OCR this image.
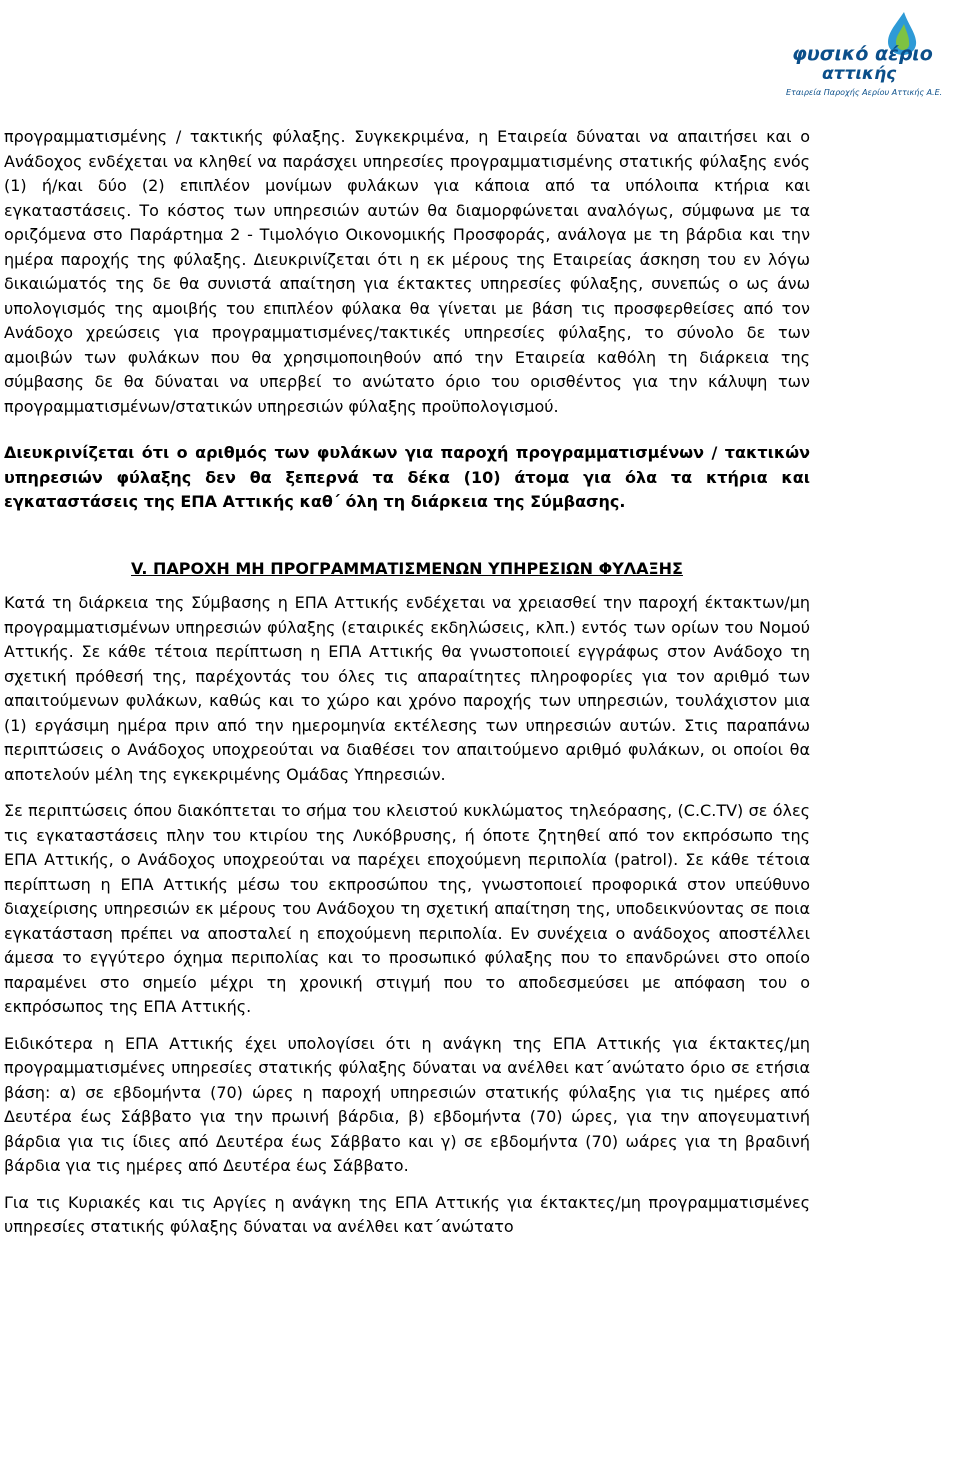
φυσικό αέριο
αττικής
Εταιρεία Παροχής Αερίου Αττικής Α.Ε.

προγραμματισμένης / τακτικής φύλαξης. Συγκεκριμένα, η Εταιρεία δύναται να απαιτήσει και ο Ανάδοχος ενδέχεται να κληθεί να παράσχει υπηρεσίες προγραμματισμένης στατικής φύλαξης ενός (1) ή/και δύο (2) επιπλέον μονίμων φυλάκων για κάποια από τα υπόλοιπα κτήρια και εγκαταστάσεις. Το κόστος των υπηρεσιών αυτών θα διαμορφώνεται αναλόγως, σύμφωνα με τα οριζόμενα στο Παράρτημα 2 - Τιμολόγιο Οικονομικής Προσφοράς, ανάλογα με τη βάρδια και την ημέρα παροχής της φύλαξης. Διευκρινίζεται ότι η εκ μέρους της Εταιρείας άσκηση του εν λόγω δικαιώματός της δε θα συνιστά απαίτηση για έκτακτες υπηρεσίες φύλαξης, συνεπώς ο ως άνω υπολογισμός της αμοιβής του επιπλέον φύλακα θα γίνεται με βάση τις προσφερθείσες από τον Ανάδοχο χρεώσεις για προγραμματισμένες/τακτικές υπηρεσίες φύλαξης, το σύνολο δε των αμοιβών των φυλάκων που θα χρησιμοποιηθούν από την Εταιρεία καθόλη τη διάρκεια της σύμβασης δε θα δύναται να υπερβεί το ανώτατο όριο του ορισθέντος για την κάλυψη των προγραμματισμένων/στατικών υπηρεσιών φύλαξης προϋπολογισμού.

Διευκρινίζεται ότι ο αριθμός των φυλάκων για παροχή προγραμματισμένων / τακτικών υπηρεσιών φύλαξης δεν θα ξεπερνά τα δέκα (10) άτομα για όλα τα κτήρια και εγκαταστάσεις της ΕΠΑ Αττικής καθ΄ όλη τη διάρκεια της Σύμβασης.

V. ΠΑΡΟΧΗ ΜΗ ΠΡΟΓΡΑΜΜΑΤΙΣΜΕΝΩΝ ΥΠΗΡΕΣΙΩΝ ΦΥΛΑΞΗΣ

Κατά τη διάρκεια της Σύμβασης η ΕΠΑ Αττικής ενδέχεται να χρειασθεί την παροχή έκτακτων/μη προγραμματισμένων υπηρεσιών φύλαξης (εταιρικές εκδηλώσεις, κλπ.) εντός των ορίων του Νομού Αττικής. Σε κάθε τέτοια περίπτωση η ΕΠΑ Αττικής θα γνωστοποιεί εγγράφως στον Ανάδοχο τη σχετική πρόθεσή της, παρέχοντάς του όλες τις απαραίτητες πληροφορίες για τον αριθμό των απαιτούμενων φυλάκων, καθώς και το χώρο και χρόνο παροχής των υπηρεσιών, τουλάχιστον μια (1) εργάσιμη ημέρα πριν από την ημερομηνία εκτέλεσης των υπηρεσιών αυτών. Στις παραπάνω περιπτώσεις ο Ανάδοχος υποχρεούται να διαθέσει τον απαιτούμενο αριθμό φυλάκων, οι οποίοι θα αποτελούν μέλη της εγκεκριμένης Ομάδας Υπηρεσιών.

Σε περιπτώσεις όπου διακόπτεται το σήμα του κλειστού κυκλώματος τηλεόρασης, (C.C.TV) σε όλες τις εγκαταστάσεις πλην του κτιρίου της Λυκόβρυσης, ή όποτε ζητηθεί από τον εκπρόσωπο της ΕΠΑ Αττικής, ο Ανάδοχος υποχρεούται να παρέχει εποχούμενη περιπολία (patrol). Σε κάθε τέτοια περίπτωση η ΕΠΑ Αττικής μέσω του εκπροσώπου της, γνωστοποιεί προφορικά στον υπεύθυνο διαχείρισης υπηρεσιών εκ μέρους του Ανάδοχου τη σχετική απαίτηση της, υποδεικνύοντας σε ποια εγκατάσταση πρέπει να αποσταλεί η εποχούμενη περιπολία. Εν συνέχεια ο ανάδοχος αποστέλλει άμεσα το εγγύτερο όχημα περιπολίας και το προσωπικό φύλαξης που το επανδρώνει στο οποίο παραμένει στο σημείο μέχρι τη χρονική στιγμή που το αποδεσμεύσει με απόφαση του ο εκπρόσωπος της ΕΠΑ Αττικής.

Ειδικότερα η ΕΠΑ Αττικής έχει υπολογίσει ότι η ανάγκη της ΕΠΑ Αττικής για έκτακτες/μη προγραμματισμένες υπηρεσίες στατικής φύλαξης δύναται να ανέλθει κατ΄ανώτατο όριο σε ετήσια βάση: α) σε εβδομήντα (70) ώρες η παροχή υπηρεσιών στατικής φύλαξης για τις ημέρες από Δευτέρα έως Σάββατο για την πρωινή βάρδια, β) εβδομήντα (70) ώρες, για την απογευματινή βάρδια για τις ίδιες από Δευτέρα έως Σάββατο και γ) σε εβδομήντα (70) ωάρες για τη βραδινή βάρδια για τις ημέρες από Δευτέρα έως Σάββατο.

Για τις Κυριακές και τις Αργίες η ανάγκη της ΕΠΑ Αττικής για έκτακτες/μη προγραμματισμένες υπηρεσίες στατικής φύλαξης δύναται να ανέλθει κατ΄ανώτατο
